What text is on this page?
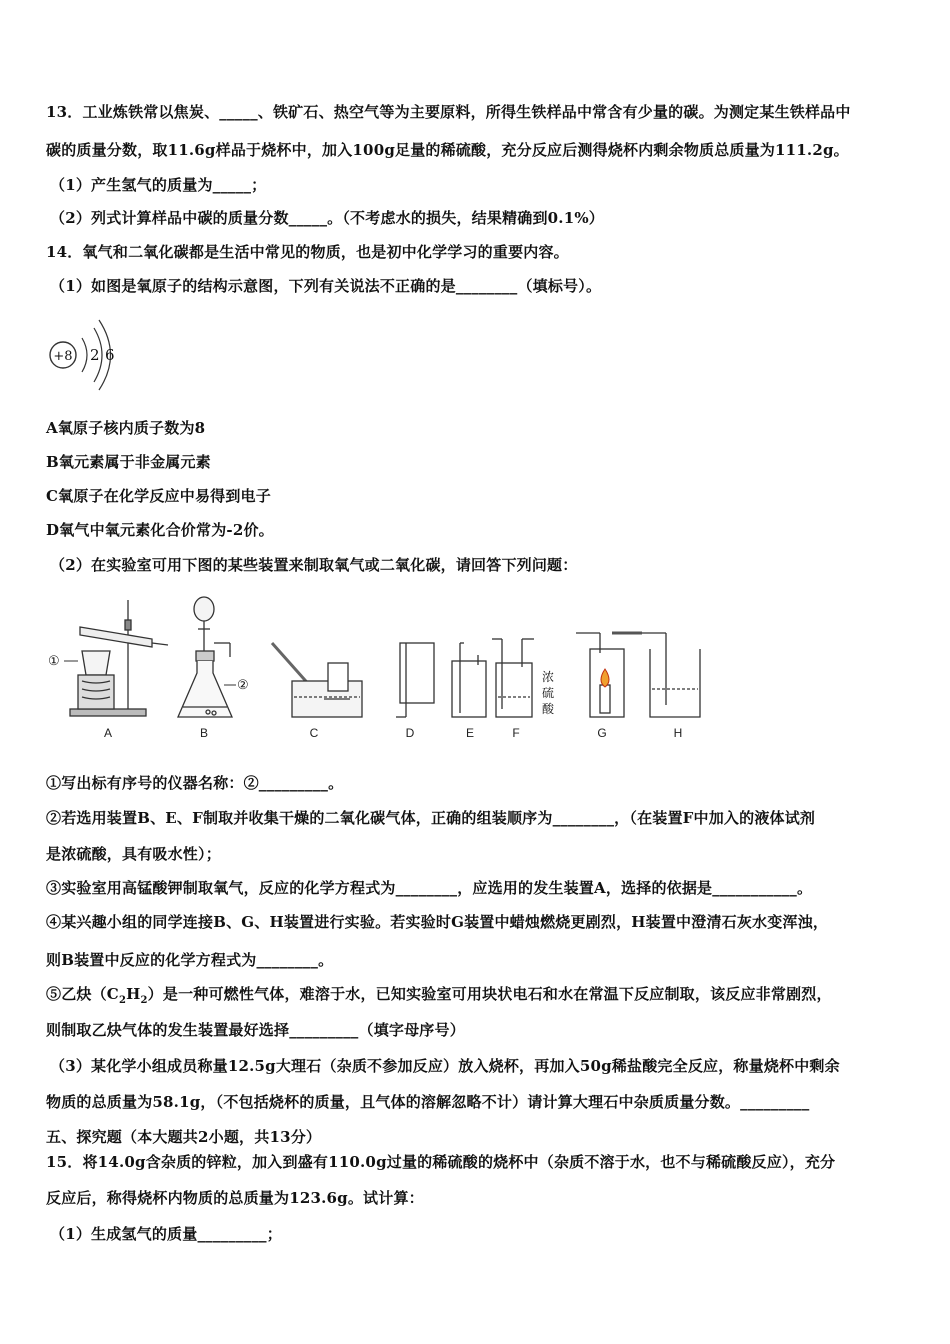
13．工业炼铁常以焦炭、_____、铁矿石、热空气等为主要原料，所得生铁样品中常含有少量的碳。为测定某生铁样品中
碳的质量分数，取11.6g样品于烧杯中，加入100g足量的稀硫酸，充分反应后测得烧杯内剩余物质总质量为111.2g。
（1）产生氢气的质量为_____；
（2）列式计算样品中碳的质量分数_____。（不考虑水的损失，结果精确到0.1%）
14．氧气和二氧化碳都是生活中常见的物质，也是初中化学学习的重要内容。
（1）如图是氧原子的结构示意图，下列有关说法不正确的是________（填标号）。
+8 2 6
A氧原子核内质子数为8
B氧元素属于非金属元素
C氧原子在化学反应中易得到电子
D氧气中氧元素化合价常为-2价。
（2）在实验室可用下图的某些装置来制取氧气或二氧化碳，请回答下列问题：
①
②
浓
硫
酸
A	B	C	D	E	F	G	H
①写出标有序号的仪器名称：②_________。
②若选用装置B、E、F制取并收集干燥的二氧化碳气体，正确的组装顺序为________，（在装置F中加入的液体试剂
是浓硫酸，具有吸水性）；
③实验室用高锰酸钾制取氧气，反应的化学方程式为________，应选用的发生装置A，选择的依据是___________。
④某兴趣小组的同学连接B、G、H装置进行实验。若实验时G装置中蜡烛燃烧更剧烈，H装置中澄清石灰水变浑浊，
则B装置中反应的化学方程式为________。
⑤乙炔$(C_2H_2)$是一种可燃性气体，难溶于水，已知实验室可用块状电石和水在常温下反应制取，该反应非常剧烈，
则制取乙炔气体的发生装置最好选择_________（填字母序号）
（3）某化学小组成员称量12.5g大理石（杂质不参加反应）放入烧杯，再加入50g稀盐酸完全反应，称量烧杯中剩余
物质的总质量为58.1g，（不包括烧杯的质量，且气体的溶解忽略不计）请计算大理石中杂质质量分数。_________
五、探究题（本大题共2小题，共13分）
15．将14.0g含杂质的锌粒，加入到盛有110.0g过量的稀硫酸的烧杯中（杂质不溶于水，也不与稀硫酸反应），充分
反应后，称得烧杯内物质的总质量为123.6g。试计算：
（1）生成氢气的质量_________；
